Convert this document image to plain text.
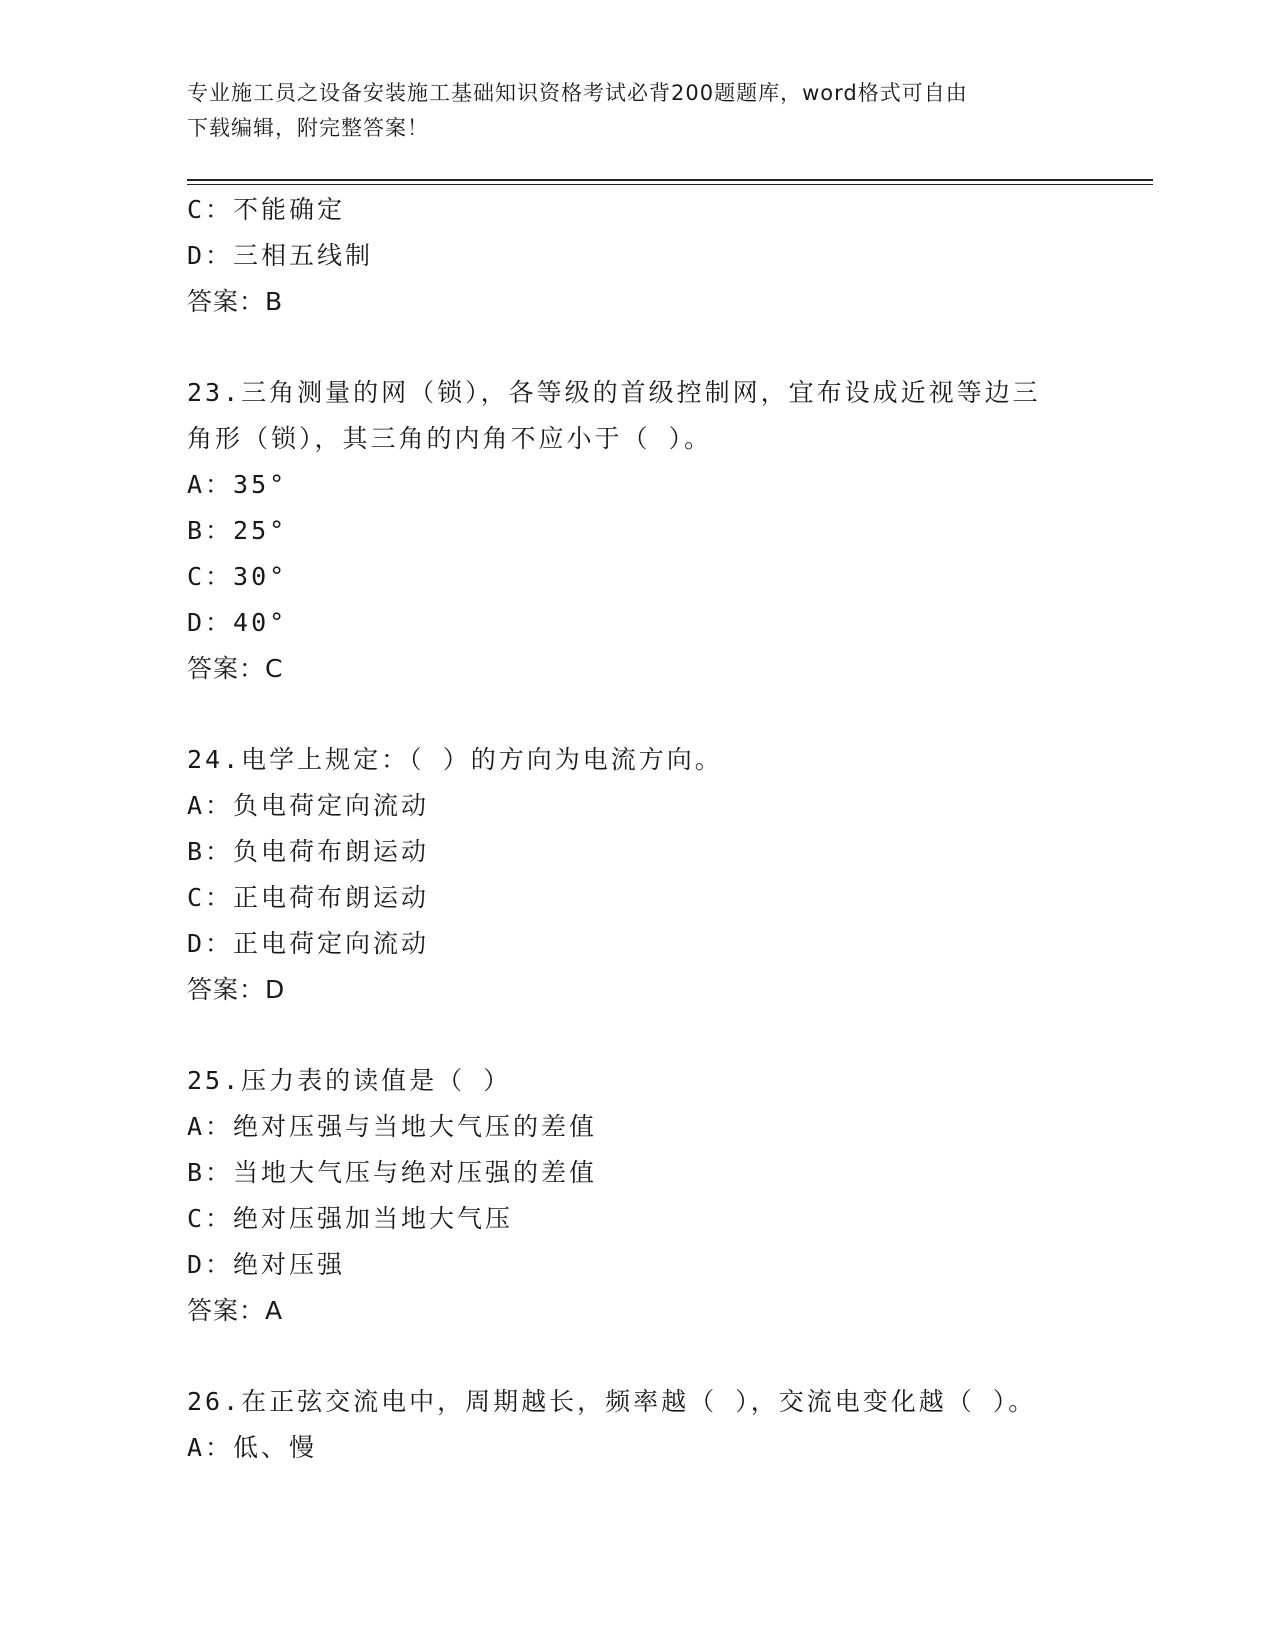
专业施工员之设备安装施工基础知识资格考试必背200题题库，word格式可自由
下载编辑，附完整答案！
C：不能确定
D：三相五线制
答案：B
23.三角测量的网（锁），各等级的首级控制网，宜布设成近视等边三
角形（锁），其三角的内角不应小于（ ）。
A：35°
B：25°
C：30°
D：40°
答案：C
24.电学上规定：（ ）的方向为电流方向。
A：负电荷定向流动
B：负电荷布朗运动
C：正电荷布朗运动
D：正电荷定向流动
答案：D
25.压力表的读值是（ ）
A：绝对压强与当地大气压的差值
B：当地大气压与绝对压强的差值
C：绝对压强加当地大气压
D：绝对压强
答案：A
26.在正弦交流电中，周期越长，频率越（ ），交流电变化越（ ）。
A：低、慢
